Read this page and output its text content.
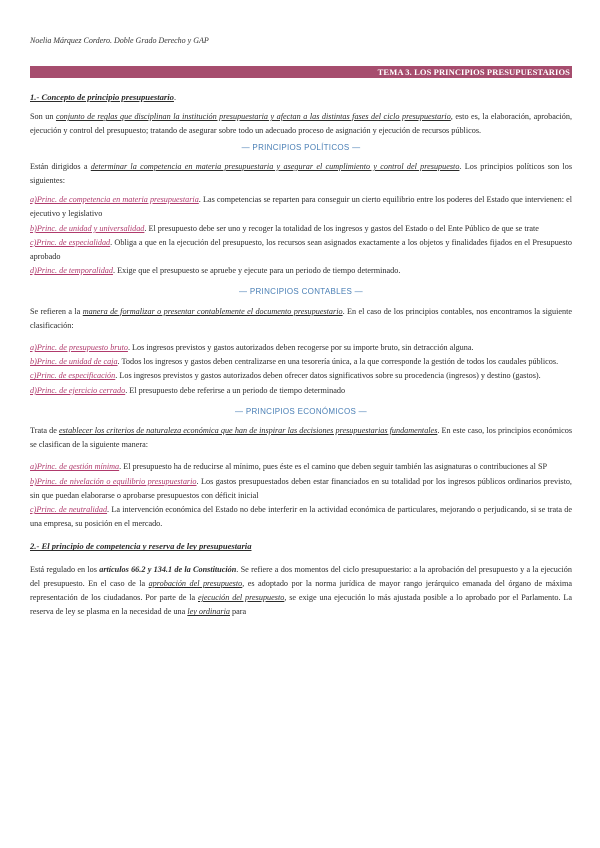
Noelia Márquez Cordero. Doble Grado Derecho y GAP
TEMA 3. LOS PRINCIPIOS PRESUPUESTARIOS

1.- Concepto de principio presupuestario.

Son un conjunto de reglas que disciplinan la institución presupuestaria y afectan a las distintas fases del ciclo presupuestario, esto es, la elaboración, aprobación, ejecución y control del presupuesto; tratando de asegurar sobre todo un adecuado proceso de asignación y ejecución de recursos públicos.

— PRINCIPIOS POLÍTICOS —

Están dirigidos a determinar la competencia en materia presupuestaria y asegurar el cumplimiento y control del presupuesto. Los principios políticos son los siguientes:

a)Princ. de competencia en materia presupuestaria. Las competencias se reparten para conseguir un cierto equilibrio entre los poderes del Estado que intervienen: el ejecutivo y legislativo

b)Princ. de unidad y universalidad. El presupuesto debe ser uno y recoger la totalidad de los ingresos y gastos del Estado o del Ente Público de que se trate

c)Princ. de especialidad. Obliga a que en la ejecución del presupuesto, los recursos sean asignados exactamente a los objetos y finalidades fijados en el Presupuesto aprobado

d)Princ. de temporalidad. Exige que el presupuesto se apruebe y ejecute para un periodo de tiempo determinado.

— PRINCIPIOS CONTABLES —

Se refieren a la manera de formalizar o presentar contablemente el documento presupuestario. En el caso de los principios contables, nos encontramos la siguiente clasificación:

a)Princ. de presupuesto bruto. Los ingresos previstos y gastos autorizados deben recogerse por su importe bruto, sin detracción alguna.

b)Princ. de unidad de caja. Todos los ingresos y gastos deben centralizarse en una tesorería única, a la que corresponde la gestión de todos los caudales públicos.

c)Princ. de especificación. Los ingresos previstos y gastos autorizados deben ofrecer datos significativos sobre su procedencia (ingresos) y destino (gastos).

d)Princ. de ejercicio cerrado. El presupuesto debe referirse a un periodo de tiempo determinado

— PRINCIPIOS ECONÓMICOS —

Trata de establecer los criterios de naturaleza económica que han de inspirar las decisiones presupuestarias fundamentales. En este caso, los principios económicos se clasifican de la siguiente manera:

a)Princ. de gestión mínima. El presupuesto ha de reducirse al mínimo, pues éste es el camino que deben seguir también las asignaturas o contribuciones al SP

b)Princ. de nivelación o equilibrio presupuestario. Los gastos presupuestados deben estar financiados en su totalidad por los ingresos públicos ordinarios previsto, sin que puedan elaborarse o aprobarse presupuestos con déficit inicial

c)Princ. de neutralidad. La intervención económica del Estado no debe interferir en la actividad económica de particulares, mejorando o perjudicando, si se trata de una empresa, su posición en el mercado.

2.- El principio de competencia y reserva de ley presupuestaria

Está regulado en los artículos 66.2 y 134.1 de la Constitución. Se refiere a dos momentos del ciclo presupuestario: a la aprobación del presupuesto y a la ejecución del presupuesto. En el caso de la aprobación del presupuesto, es adoptado por la norma jurídica de mayor rango jerárquico emanada del órgano de máxima representación de los ciudadanos. Por parte de la ejecución del presupuesto, se exige una ejecución lo más ajustada posible a lo aprobado por el Parlamento. La reserva de ley se plasma en la necesidad de una ley ordinaria para
